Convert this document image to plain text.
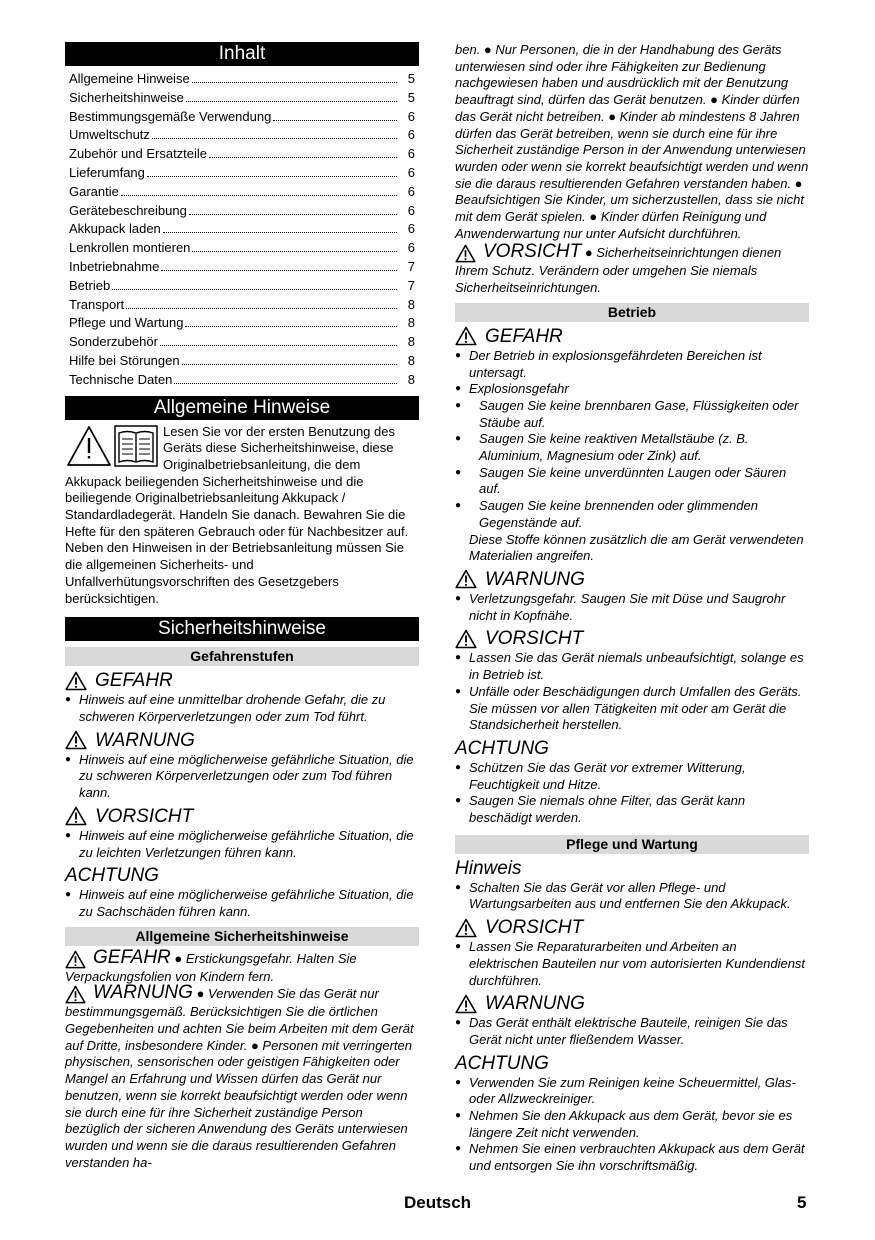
Inhalt
Allgemeine Hinweise	5
Sicherheitshinweise	5
Bestimmungsgemäße Verwendung	6
Umweltschutz	6
Zubehör und Ersatzteile	6
Lieferumfang	6
Garantie	6
Gerätebeschreibung	6
Akkupack laden	6
Lenkrollen montieren	6
Inbetriebnahme	7
Betrieb	7
Transport	8
Pflege und Wartung	8
Sonderzubehör	8
Hilfe bei Störungen	8
Technische Daten	8
Allgemeine Hinweise

Lesen Sie vor der ersten Benutzung des Geräts diese Sicherheitshinweise, diese Originalbetriebsanleitung, die dem Akkupack beiliegenden Sicherheitshinweise und die beiliegende Originalbetriebsanleitung Akkupack / Standardladegerät. Handeln Sie danach. Bewahren Sie die Hefte für den späteren Gebrauch oder für Nachbesitzer auf.

Neben den Hinweisen in der Betriebsanleitung müssen Sie die allgemeinen Sicherheits- und Unfallverhütungsvorschriften des Gesetzgebers berücksichtigen.

Sicherheitshinweise
Gefahrenstufen
GEFAHR
● Hinweis auf eine unmittelbar drohende Gefahr, die zu schweren Körperverletzungen oder zum Tod führt.
WARNUNG
● Hinweis auf eine möglicherweise gefährliche Situation, die zu schweren Körperverletzungen oder zum Tod führen kann.
VORSICHT
● Hinweis auf eine möglicherweise gefährliche Situation, die zu leichten Verletzungen führen kann.
ACHTUNG
● Hinweis auf eine möglicherweise gefährliche Situation, die zu Sachschäden führen kann.
Allgemeine Sicherheitshinweise

GEFAHR ● Erstickungsgefahr. Halten Sie Verpackungsfolien von Kindern fern.

WARNUNG ● Verwenden Sie das Gerät nur bestimmungsgemäß. Berücksichtigen Sie die örtlichen Gegebenheiten und achten Sie beim Arbeiten mit dem Gerät auf Dritte, insbesondere Kinder. ● Personen mit verringerten physischen, sensorischen oder geistigen Fähigkeiten oder Mangel an Erfahrung und Wissen dürfen das Gerät nur benutzen, wenn sie korrekt beaufsichtigt werden oder wenn sie durch eine für ihre Sicherheit zuständige Person bezüglich der sicheren Anwendung des Geräts unterwiesen wurden und wenn sie die daraus resultierenden Gefahren verstanden ha-

ben. ● Nur Personen, die in der Handhabung des Geräts unterwiesen sind oder ihre Fähigkeiten zur Bedienung nachgewiesen haben und ausdrücklich mit der Benutzung beauftragt sind, dürfen das Gerät benutzen. ● Kinder dürfen das Gerät nicht betreiben. ● Kinder ab mindestens 8 Jahren dürfen das Gerät betreiben, wenn sie durch eine für ihre Sicherheit zuständige Person in der Anwendung unterwiesen wurden oder wenn sie korrekt beaufsichtigt werden und wenn sie die daraus resultierenden Gefahren verstanden haben. ● Beaufsichtigen Sie Kinder, um sicherzustellen, dass sie nicht mit dem Gerät spielen. ● Kinder dürfen Reinigung und Anwenderwartung nur unter Aufsicht durchführen.

VORSICHT ● Sicherheitseinrichtungen dienen Ihrem Schutz. Verändern oder umgehen Sie niemals Sicherheitseinrichtungen.

Betrieb
GEFAHR
● Der Betrieb in explosionsgefährdeten Bereichen ist untersagt.
● Explosionsgefahr
● Saugen Sie keine brennbaren Gase, Flüssigkeiten oder Stäube auf.
● Saugen Sie keine reaktiven Metallstäube (z. B. Aluminium, Magnesium oder Zink) auf.
● Saugen Sie keine unverdünnten Laugen oder Säuren auf.
● Saugen Sie keine brennenden oder glimmenden Gegenstände auf.

Diese Stoffe können zusätzlich die am Gerät verwendeten Materialien angreifen.

WARNUNG
● Verletzungsgefahr. Saugen Sie mit Düse und Saugrohr nicht in Kopfnähe.
VORSICHT
● Lassen Sie das Gerät niemals unbeaufsichtigt, solange es in Betrieb ist.
● Unfälle oder Beschädigungen durch Umfallen des Geräts. Sie müssen vor allen Tätigkeiten mit oder am Gerät die Standsicherheit herstellen.
ACHTUNG
● Schützen Sie das Gerät vor extremer Witterung, Feuchtigkeit und Hitze.
● Saugen Sie niemals ohne Filter, das Gerät kann beschädigt werden.
Pflege und Wartung
Hinweis
● Schalten Sie das Gerät vor allen Pflege- und Wartungsarbeiten aus und entfernen Sie den Akkupack.
VORSICHT
● Lassen Sie Reparaturarbeiten und Arbeiten an elektrischen Bauteilen nur vom autorisierten Kundendienst durchführen.
WARNUNG
● Das Gerät enthält elektrische Bauteile, reinigen Sie das Gerät nicht unter fließendem Wasser.
ACHTUNG
● Verwenden Sie zum Reinigen keine Scheuermittel, Glas- oder Allzweckreiniger.
● Nehmen Sie den Akkupack aus dem Gerät, bevor sie es längere Zeit nicht verwenden.
● Nehmen Sie einen verbrauchten Akkupack aus dem Gerät und entsorgen Sie ihn vorschriftsmäßig.
Deutsch	5
